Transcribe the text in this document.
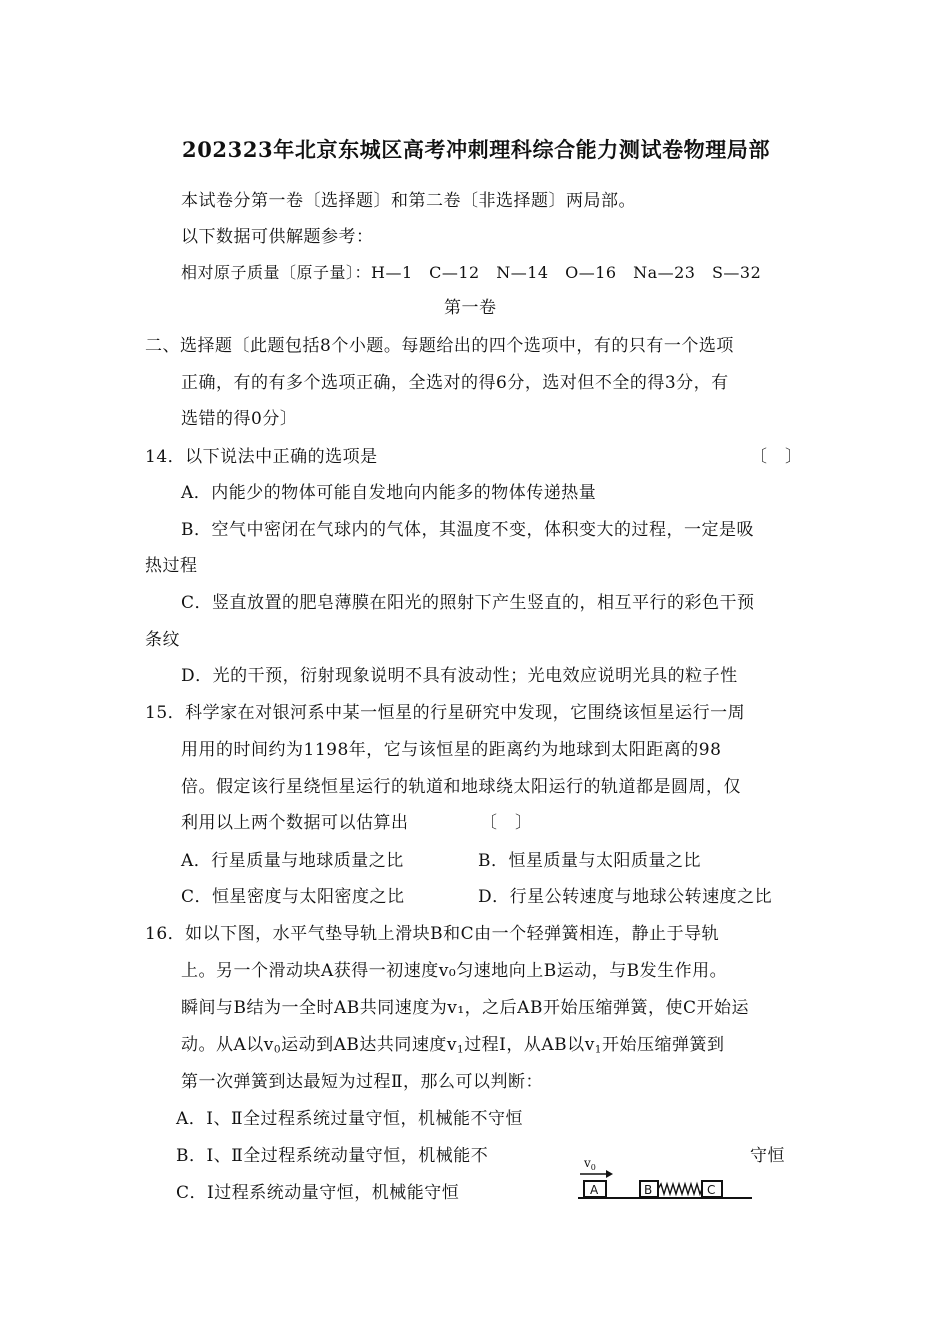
202323年北京东城区高考冲刺理科综合能力测试卷物理局部
本试卷分第一卷〔选择题〕和第二卷〔非选择题〕两局部。
以下数据可供解题参考：
相对原子质量〔原子量〕：H—1　C—12　N—14　O—16　Na—23　S—32
第一卷
二、选择题〔此题包括8个小题。每题给出的四个选项中，有的只有一个选项
正确，有的有多个选项正确，全选对的得6分，选对但不全的得3分，有
选错的得0分〕
14．以下说法中正确的选项是	〔　〕
A．内能少的物体可能自发地向内能多的物体传递热量
B．空气中密闭在气球内的气体，其温度不变，体积变大的过程，一定是吸
热过程
C．竖直放置的肥皂薄膜在阳光的照射下产生竖直的，相互平行的彩色干预
条纹
D．光的干预，衍射现象说明不具有波动性；光电效应说明光具的粒子性
15．科学家在对银河系中某一恒星的行星研究中发现，它围绕该恒星运行一周
用用的时间约为1198年，它与该恒星的距离约为地球到太阳距离的98
倍。假定该行星绕恒星运行的轨道和地球绕太阳运行的轨道都是圆周，仅
利用以上两个数据可以估算出	〔　〕
A．行星质量与地球质量之比	B．恒星质量与太阳质量之比
C．恒星密度与太阳密度之比	D．行星公转速度与地球公转速度之比
16．如以下图，水平气垫导轨上滑块B和C由一个轻弹簧相连，静止于导轨
上。另一个滑动块A获得一初速度v₀匀速地向上B运动，与B发生作用。
瞬间与B结为一全时AB共同速度为v₁，之后AB开始压缩弹簧，使C开始运
动。从A以$v_0$运动到AB达共同速度$v_1$过程Ⅰ，从AB以$v_1$开始压缩弹簧到
第一次弹簧到达最短为过程Ⅱ，那么可以判断：
A．Ⅰ、Ⅱ全过程系统过量守恒，机械能不守恒
B．Ⅰ、Ⅱ全过程系统动量守恒，机械能不	守恒
C．Ⅰ过程系统动量守恒，机械能守恒
$v_0$
A	B	C
